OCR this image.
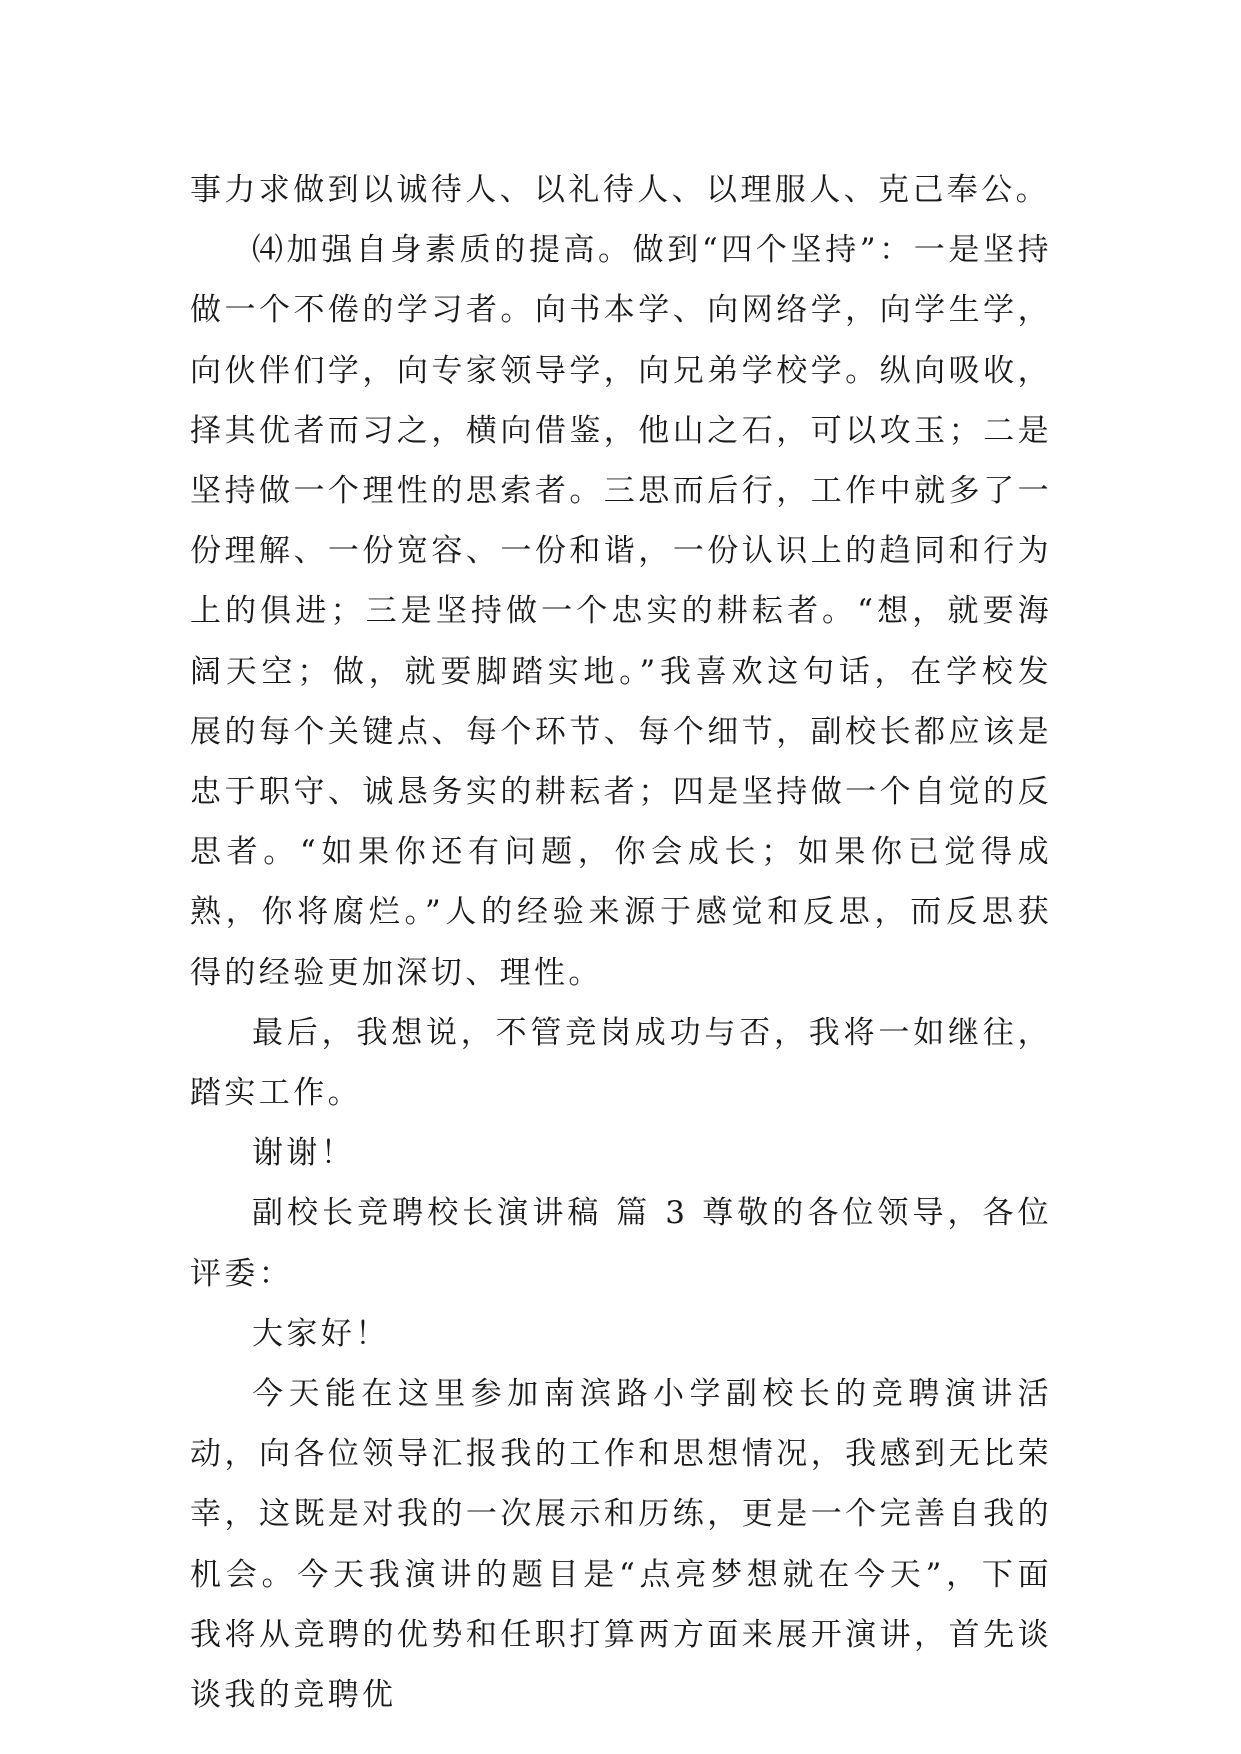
事力求做到以诚待人、以礼待人、以理服人、克己奉公。

⑷加强自身素质的提高。做到“四个坚持”：一是坚持做一个不倦的学习者。向书本学、向网络学，向学生学，向伙伴们学，向专家领导学，向兄弟学校学。纵向吸收，择其优者而习之，横向借鉴，他山之石，可以攻玉；二是坚持做一个理性的思索者。三思而后行，工作中就多了一份理解、一份宽容、一份和谐，一份认识上的趋同和行为上的俱进；三是坚持做一个忠实的耕耘者。“想，就要海阔天空；做，就要脚踏实地。”我喜欢这句话，在学校发展的每个关键点、每个环节、每个细节，副校长都应该是忠于职守、诚恳务实的耕耘者；四是坚持做一个自觉的反思者。“如果你还有问题，你会成长；如果你已觉得成熟，你将腐烂。”人的经验来源于感觉和反思，而反思获得的经验更加深切、理性。

最后，我想说，不管竞岗成功与否，我将一如继往，踏实工作。

谢谢！

副校长竞聘校长演讲稿 篇 3 尊敬的各位领导，各位评委：

大家好！

今天能在这里参加南滨路小学副校长的竞聘演讲活动，向各位领导汇报我的工作和思想情况，我感到无比荣幸，这既是对我的一次展示和历练，更是一个完善自我的机会。今天我演讲的题目是“点亮梦想就在今天”，下面我将从竞聘的优势和任职打算两方面来展开演讲，首先谈谈我的竞聘优
